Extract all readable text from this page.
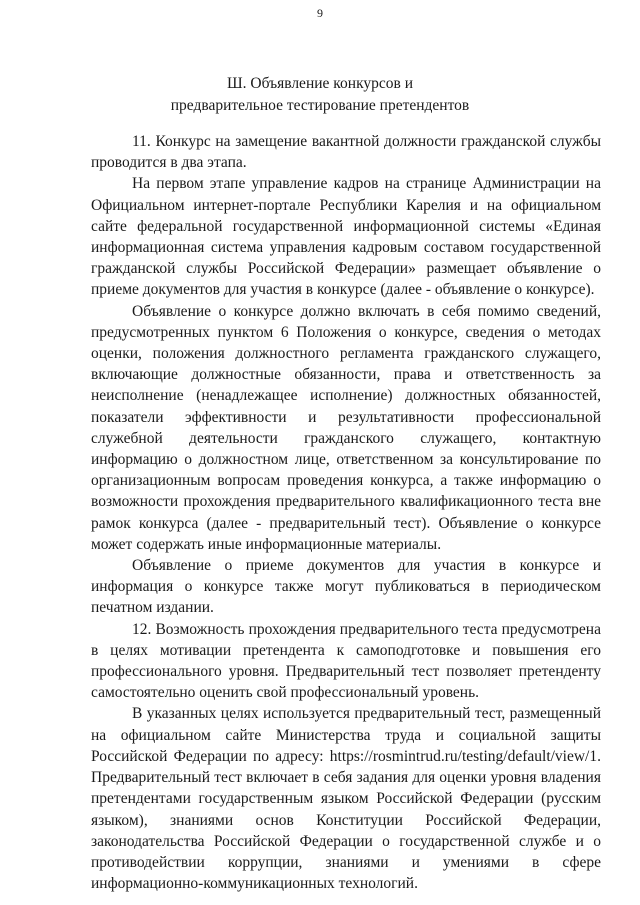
9
Ш. Объявление конкурсов и
предварительное тестирование претендентов

11. Конкурс на замещение вакантной должности гражданской службы проводится в два этапа.

На первом этапе управление кадров на странице Администрации на Официальном интернет-портале Республики Карелия и на официальном сайте федеральной государственной информационной системы «Единая информационная система управления кадровым составом государственной гражданской службы Российской Федерации» размещает объявление о приеме документов для участия в конкурсе (далее - объявление о конкурсе).

Объявление о конкурсе должно включать в себя помимо сведений, предусмотренных пунктом 6 Положения о конкурсе, сведения о методах оценки, положения должностного регламента гражданского служащего, включающие должностные обязанности, права и ответственность за неисполнение (ненадлежащее исполнение) должностных обязанностей, показатели эффективности и результативности профессиональной служебной деятельности гражданского служащего, контактную информацию о должностном лице, ответственном за консультирование по организационным вопросам проведения конкурса, а также информацию о возможности прохождения предварительного квалификационного теста вне рамок конкурса (далее - предварительный тест). Объявление о конкурсе может содержать иные информационные материалы.

Объявление о приеме документов для участия в конкурсе и информация о конкурсе также могут публиковаться в периодическом печатном издании.

12. Возможность прохождения предварительного теста предусмотрена в целях мотивации претендента к самоподготовке и повышения его профессионального уровня. Предварительный тест позволяет претенденту самостоятельно оценить свой профессиональный уровень.

В указанных целях используется предварительный тест, размещенный на официальном сайте Министерства труда и социальной защиты Российской Федерации по адресу: https://rosmintrud.ru/testing/default/view/1. Предварительный тест включает в себя задания для оценки уровня владения претендентами государственным языком Российской Федерации (русским языком), знаниями основ Конституции Российской Федерации, законодательства Российской Федерации о государственной службе и о противодействии коррупции, знаниями и умениями в сфере информационно-коммуникационных технологий.
